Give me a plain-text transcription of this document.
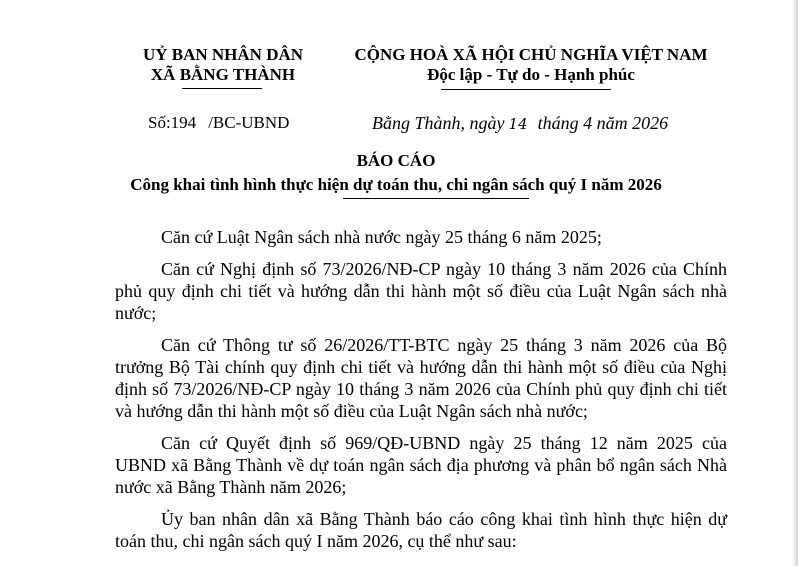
UỶ BAN NHÂN DÂN
XÃ BẰNG THÀNH
CỘNG HOÀ XÃ HỘI CHỦ NGHĨA VIỆT NAM
Độc lập - Tự do - Hạnh phúc
Số:194 /BC-UBND	Bằng Thành, ngày 14 tháng 4 năm 2026
BÁO CÁO
Công khai tình hình thực hiện dự toán thu, chi ngân sách quý I năm 2026

Căn cứ Luật Ngân sách nhà nước ngày 25 tháng 6 năm 2025;

Căn cứ Nghị định số 73/2026/NĐ-CP ngày 10 tháng 3 năm 2026 của Chính phủ quy định chi tiết và hướng dẫn thi hành một số điều của Luật Ngân sách nhà nước;

Căn cứ Thông tư số 26/2026/TT-BTC ngày 25 tháng 3 năm 2026 của Bộ trưởng Bộ Tài chính quy định chi tiết và hướng dẫn thi hành một số điều của Nghị định số 73/2026/NĐ-CP ngày 10 tháng 3 năm 2026 của Chính phủ quy định chi tiết và hướng dẫn thi hành một số điều của Luật Ngân sách nhà nước;

Căn cứ Quyết định số 969/QĐ-UBND ngày 25 tháng 12 năm 2025 của UBND xã Bằng Thành về dự toán ngân sách địa phương và phân bổ ngân sách Nhà nước xã Bằng Thành năm 2026;

Ủy ban nhân dân xã Bằng Thành báo cáo công khai tình hình thực hiện dự toán thu, chi ngân sách quý I năm 2026, cụ thể như sau:
